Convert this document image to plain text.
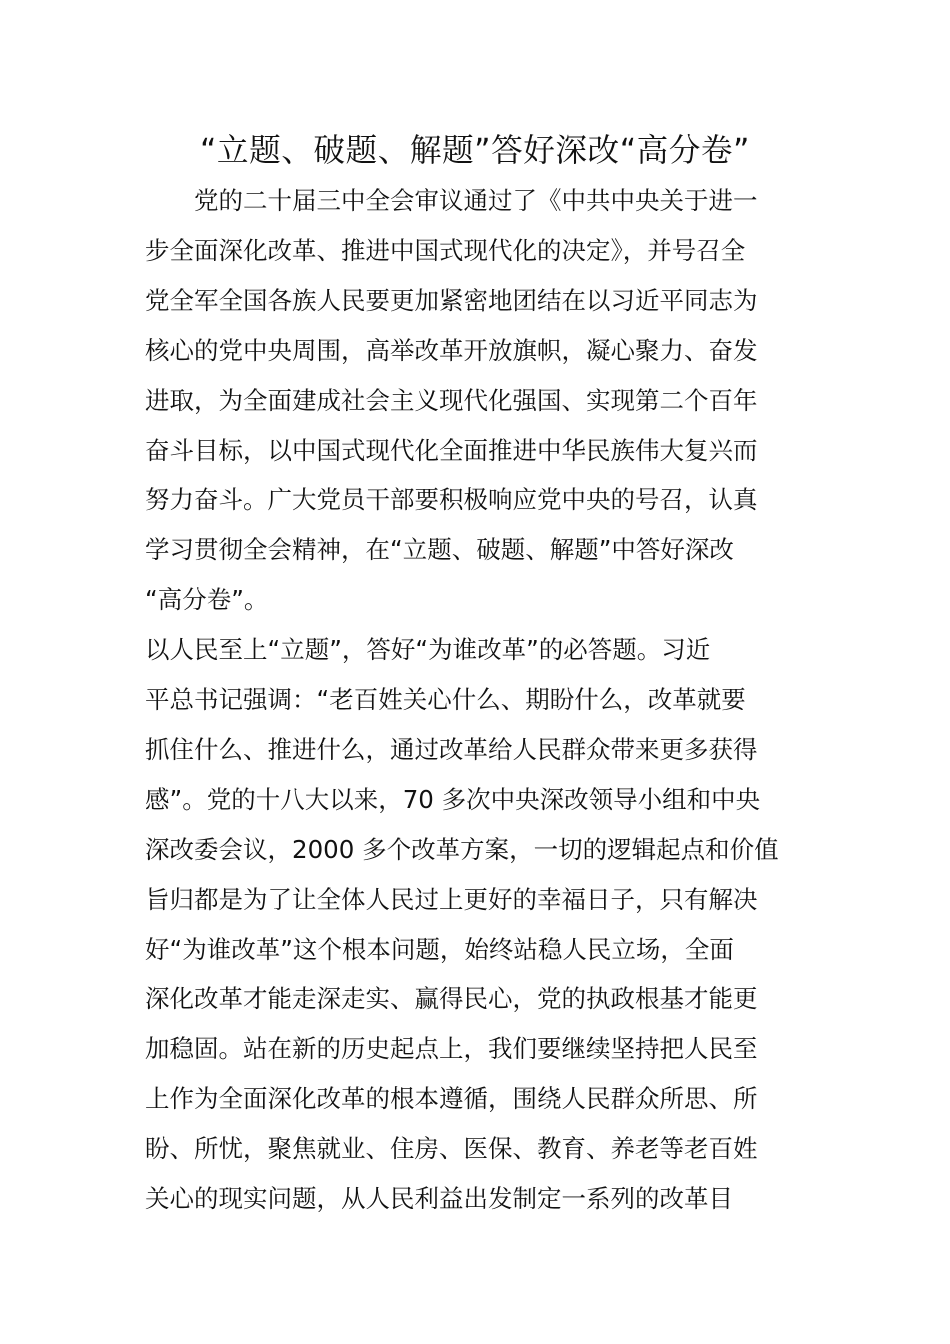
“立题、破题、解题”答好深改“高分卷”
　　党的二十届三中全会审议通过了《中共中央关于进一
步全面深化改革、推进中国式现代化的决定》，并号召全
党全军全国各族人民要更加紧密地团结在以习近平同志为
核心的党中央周围，高举改革开放旗帜，凝心聚力、奋发
进取，为全面建成社会主义现代化强国、实现第二个百年
奋斗目标，以中国式现代化全面推进中华民族伟大复兴而
努力奋斗。广大党员干部要积极响应党中央的号召，认真
学习贯彻全会精神，在“立题、破题、解题”中答好深改
“高分卷”。
以人民至上“立题”，答好“为谁改革”的必答题。习近
平总书记强调：“老百姓关心什么、期盼什么，改革就要
抓住什么、推进什么，通过改革给人民群众带来更多获得
感”。党的十八大以来，70 多次中央深改领导小组和中央
深改委会议，2000 多个改革方案，一切的逻辑起点和价值
旨归都是为了让全体人民过上更好的幸福日子，只有解决
好“为谁改革”这个根本问题，始终站稳人民立场，全面
深化改革才能走深走实、赢得民心，党的执政根基才能更
加稳固。站在新的历史起点上，我们要继续坚持把人民至
上作为全面深化改革的根本遵循，围绕人民群众所思、所
盼、所忧，聚焦就业、住房、医保、教育、养老等老百姓
关心的现实问题，从人民利益出发制定一系列的改革目
